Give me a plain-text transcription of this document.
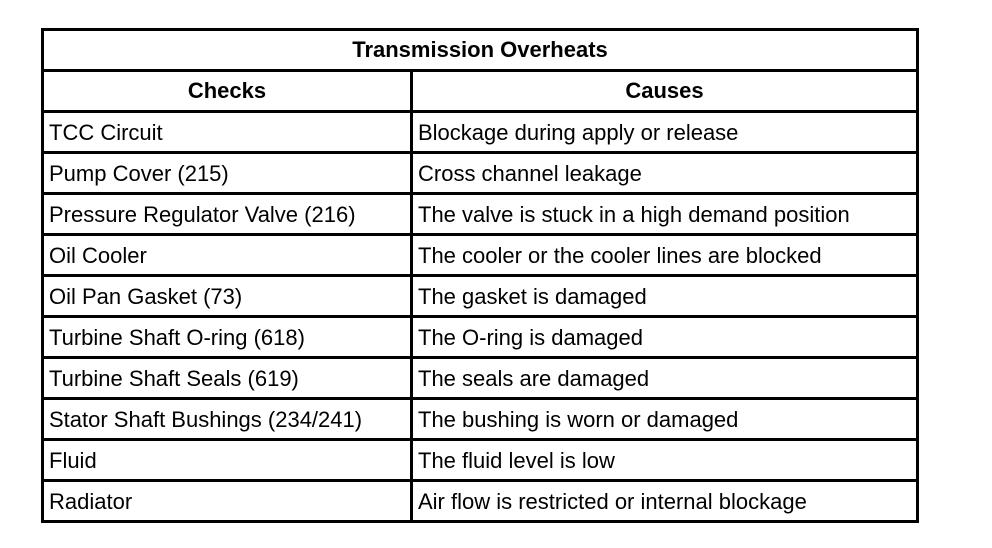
Transmission Overheats	
Checks	Causes
TCC Circuit	Blockage during apply or release
Pump Cover (215)	Cross channel leakage
Pressure Regulator Valve (216)	The valve is stuck in a high demand position
Oil Cooler	The cooler or the cooler lines are blocked
Oil Pan Gasket (73)	The gasket is damaged
Turbine Shaft O-ring (618)	The O-ring is damaged
Turbine Shaft Seals (619)	The seals are damaged
Stator Shaft Bushings (234/241)	The bushing is worn or damaged
Fluid	The fluid level is low
Radiator	Air flow is restricted or internal blockage
